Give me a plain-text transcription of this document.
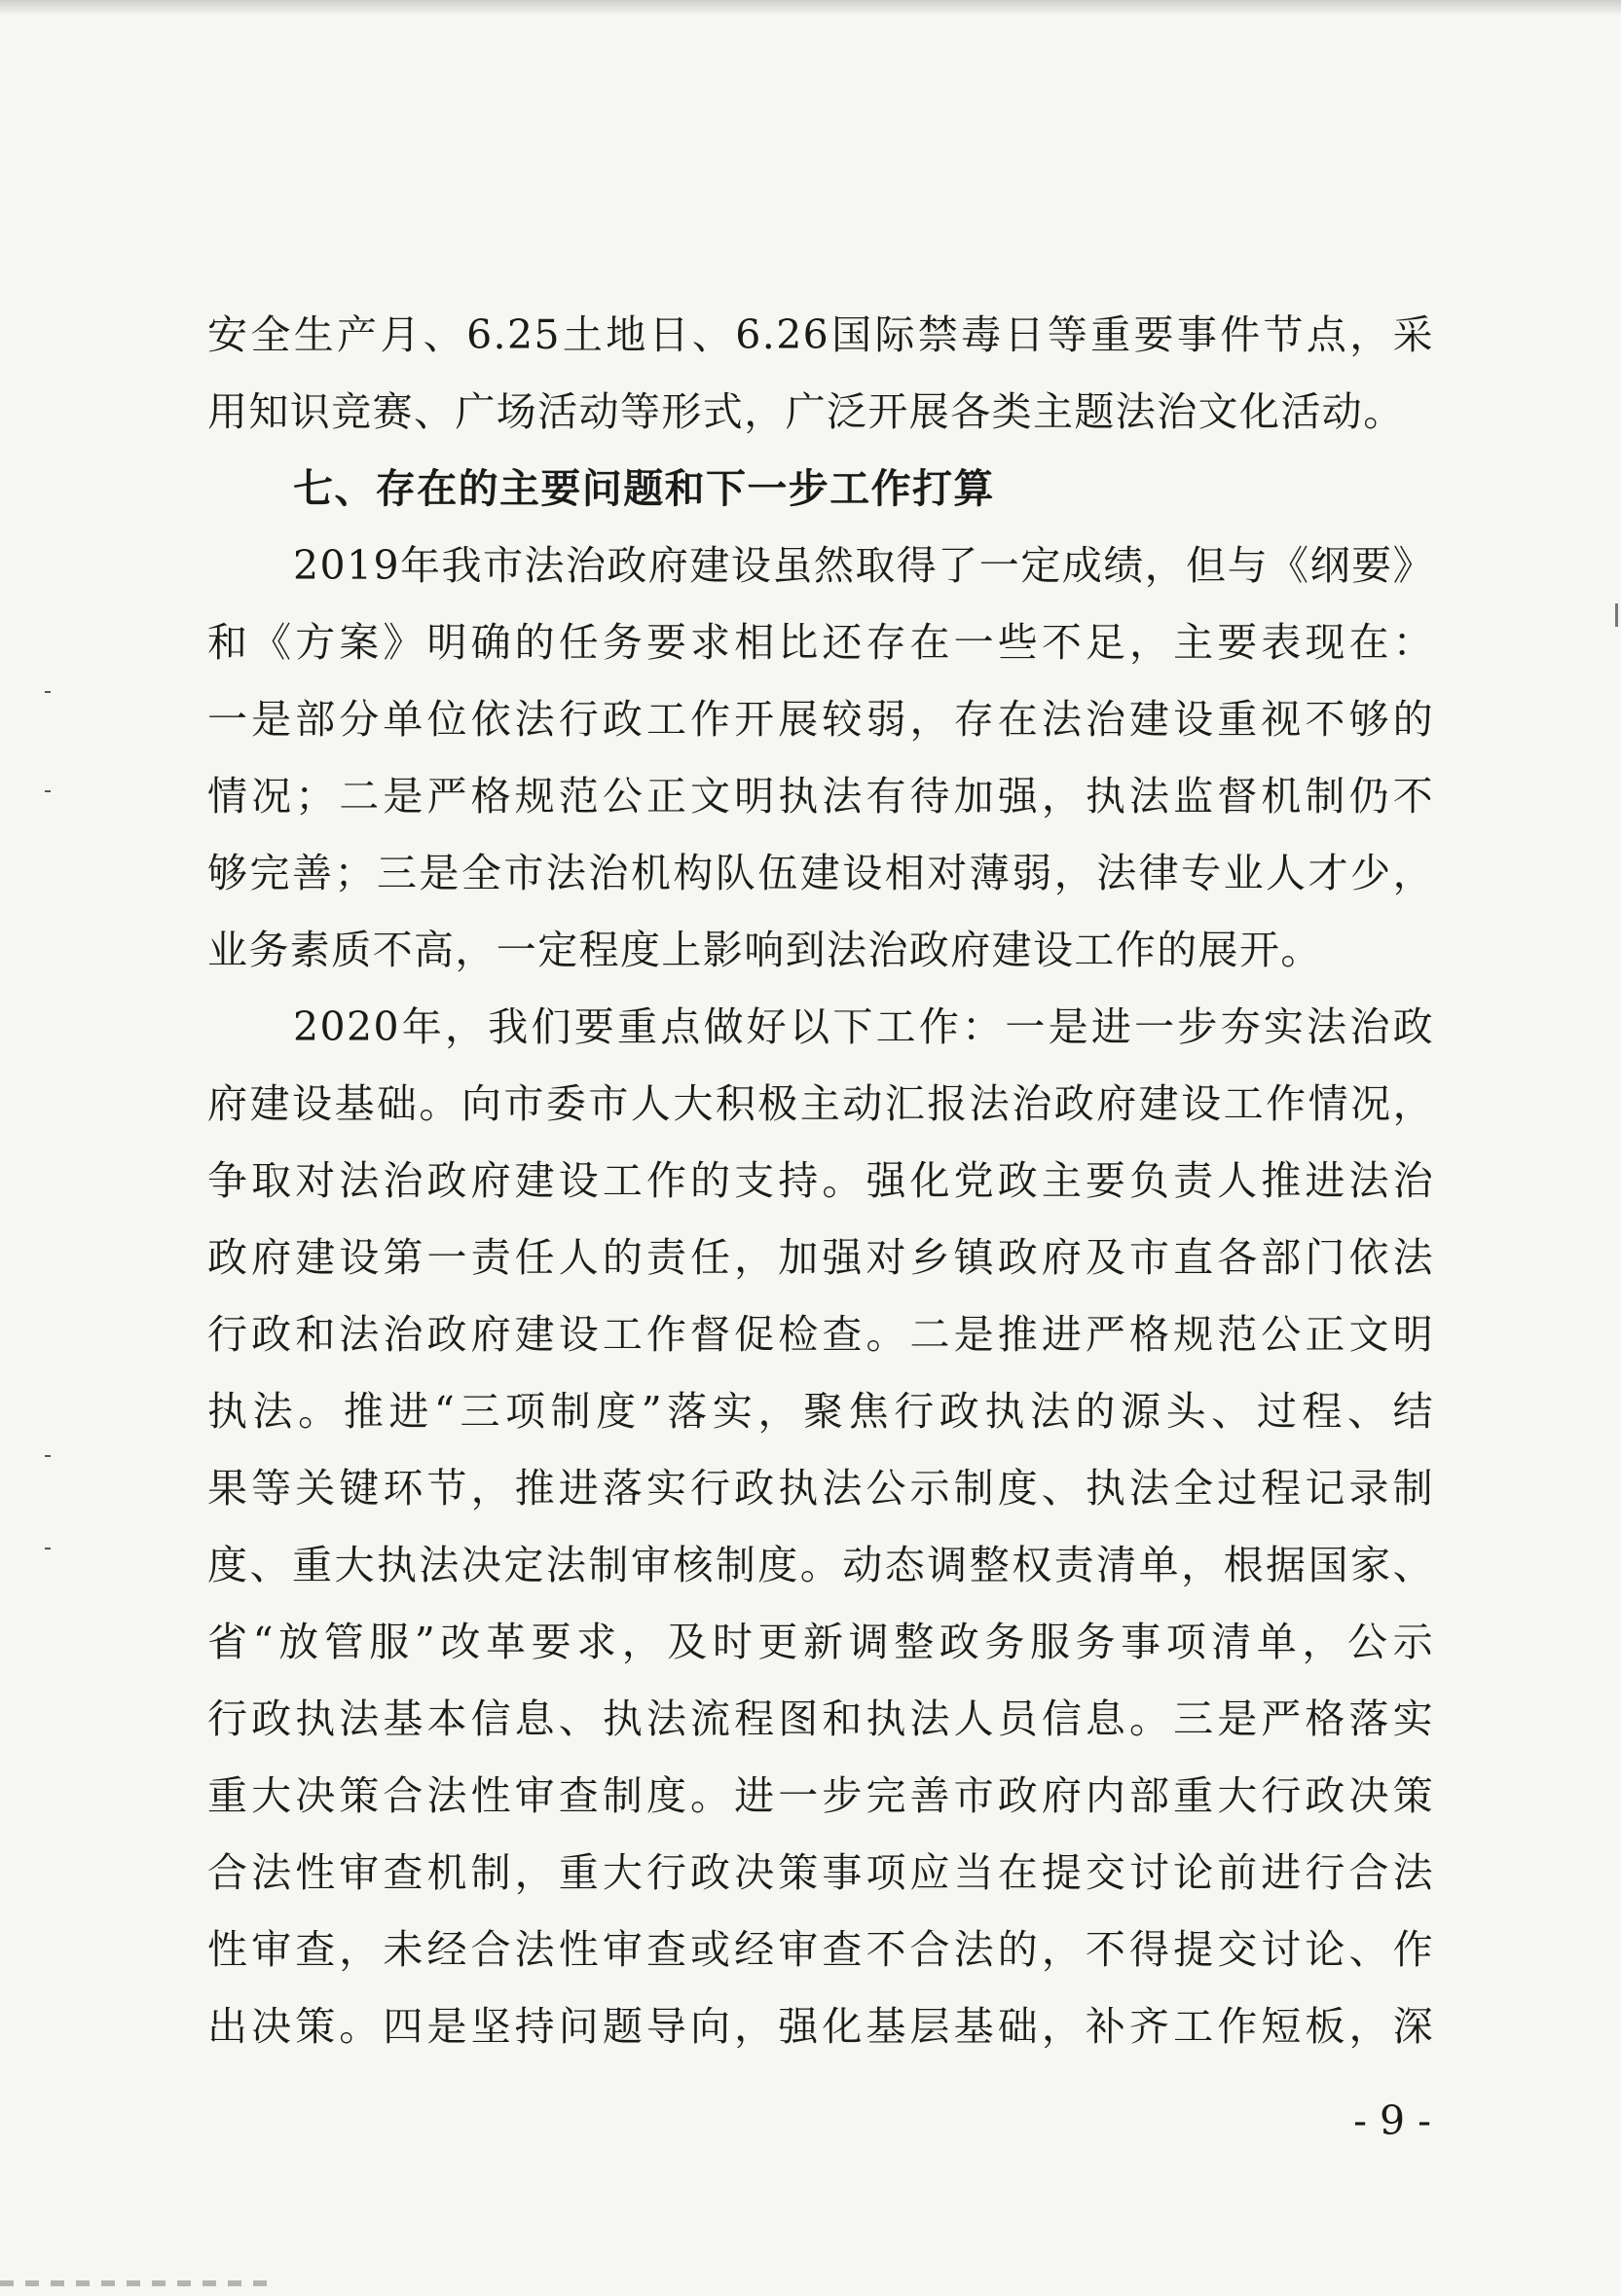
安全生产月、6.25土地日、6.26国际禁毒日等重要事件节点，采
用知识竞赛、广场活动等形式，广泛开展各类主题法治文化活动。
七、存在的主要问题和下一步工作打算
2019年我市法治政府建设虽然取得了一定成绩，但与《纲要》
和《方案》明确的任务要求相比还存在一些不足，主要表现在：
一是部分单位依法行政工作开展较弱，存在法治建设重视不够的
情况；二是严格规范公正文明执法有待加强，执法监督机制仍不
够完善；三是全市法治机构队伍建设相对薄弱，法律专业人才少，
业务素质不高，一定程度上影响到法治政府建设工作的展开。
2020年，我们要重点做好以下工作：一是进一步夯实法治政
府建设基础。向市委市人大积极主动汇报法治政府建设工作情况，
争取对法治政府建设工作的支持。强化党政主要负责人推进法治
政府建设第一责任人的责任，加强对乡镇政府及市直各部门依法
行政和法治政府建设工作督促检查。二是推进严格规范公正文明
执法。推进“三项制度”落实，聚焦行政执法的源头、过程、结
果等关键环节，推进落实行政执法公示制度、执法全过程记录制
度、重大执法决定法制审核制度。动态调整权责清单，根据国家、
省“放管服”改革要求，及时更新调整政务服务事项清单，公示
行政执法基本信息、执法流程图和执法人员信息。三是严格落实
重大决策合法性审查制度。进一步完善市政府内部重大行政决策
合法性审查机制，重大行政决策事项应当在提交讨论前进行合法
性审查，未经合法性审查或经审查不合法的，不得提交讨论、作
出决策。四是坚持问题导向，强化基层基础，补齐工作短板，深
- 9 -
